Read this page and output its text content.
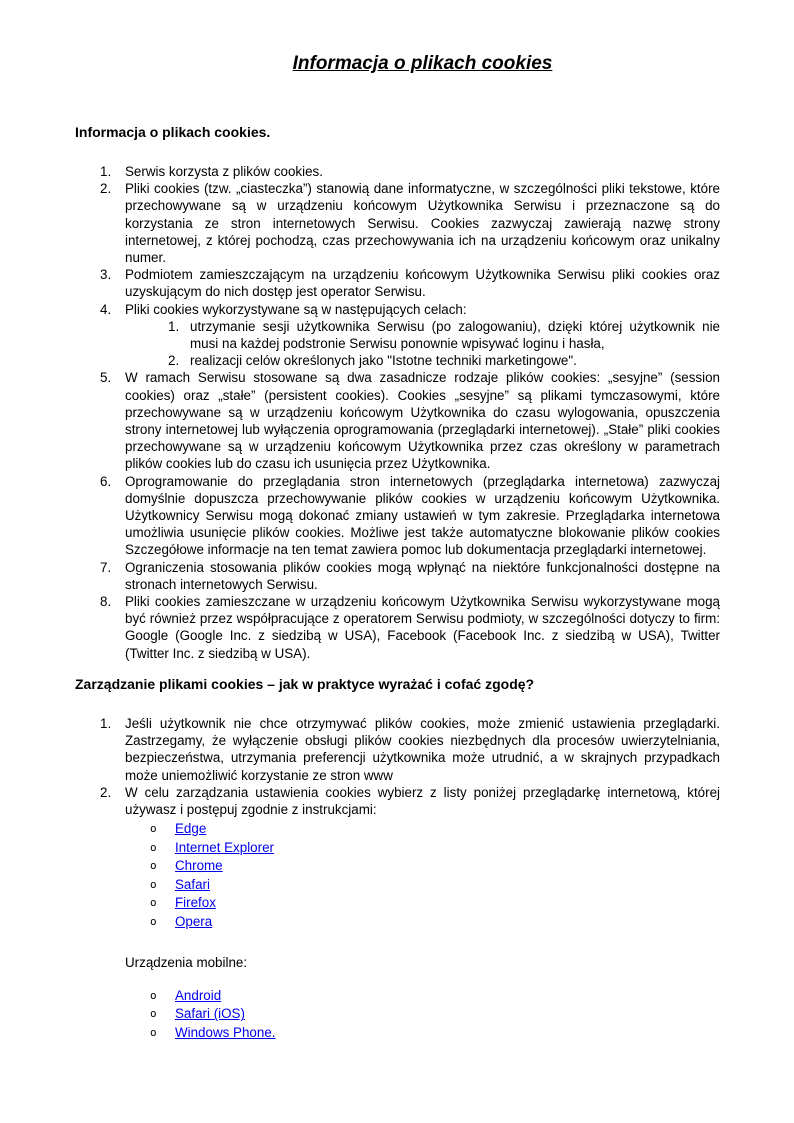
Informacja o plikach cookies
Informacja o plikach cookies.
1.	Serwis korzysta z plików cookies.
2.	Pliki cookies (tzw. „ciasteczka”) stanowią dane informatyczne, w szczególności pliki tekstowe, które przechowywane są w urządzeniu końcowym Użytkownika Serwisu i przeznaczone są do korzystania ze stron internetowych Serwisu. Cookies zazwyczaj zawierają nazwę strony internetowej, z której pochodzą, czas przechowywania ich na urządzeniu końcowym oraz unikalny numer.
3.	Podmiotem zamieszczającym na urządzeniu końcowym Użytkownika Serwisu pliki cookies oraz uzyskującym do nich dostęp jest operator Serwisu.
4.	Pliki cookies wykorzystywane są w następujących celach:
1. utrzymanie sesji użytkownika Serwisu (po zalogowaniu), dzięki której użytkownik nie musi na każdej podstronie Serwisu ponownie wpisywać loginu i hasła,
2. realizacji celów określonych jako "Istotne techniki marketingowe".
5.	W ramach Serwisu stosowane są dwa zasadnicze rodzaje plików cookies: „sesyjne” (session cookies) oraz „stałe” (persistent cookies). Cookies „sesyjne” są plikami tymczasowymi, które przechowywane są w urządzeniu końcowym Użytkownika do czasu wylogowania, opuszczenia strony internetowej lub wyłączenia oprogramowania (przeglądarki internetowej). „Stałe” pliki cookies przechowywane są w urządzeniu końcowym Użytkownika przez czas określony w parametrach plików cookies lub do czasu ich usunięcia przez Użytkownika.
6.	Oprogramowanie do przeglądania stron internetowych (przeglądarka internetowa) zazwyczaj domyślnie dopuszcza przechowywanie plików cookies w urządzeniu końcowym Użytkownika. Użytkownicy Serwisu mogą dokonać zmiany ustawień w tym zakresie. Przeglądarka internetowa umożliwia usunięcie plików cookies. Możliwe jest także automatyczne blokowanie plików cookies Szczegółowe informacje na ten temat zawiera pomoc lub dokumentacja przeglądarki internetowej.
7.	Ograniczenia stosowania plików cookies mogą wpłynąć na niektóre funkcjonalności dostępne na stronach internetowych Serwisu.
8.	Pliki cookies zamieszczane w urządzeniu końcowym Użytkownika Serwisu wykorzystywane mogą być również przez współpracujące z operatorem Serwisu podmioty, w szczególności dotyczy to firm: Google (Google Inc. z siedzibą w USA), Facebook (Facebook Inc. z siedzibą w USA), Twitter (Twitter Inc. z siedzibą w USA).
Zarządzanie plikami cookies – jak w praktyce wyrażać i cofać zgodę?
1.	Jeśli użytkownik nie chce otrzymywać plików cookies, może zmienić ustawienia przeglądarki. Zastrzegamy, że wyłączenie obsługi plików cookies niezbędnych dla procesów uwierzytelniania, bezpieczeństwa, utrzymania preferencji użytkownika może utrudnić, a w skrajnych przypadkach może uniemożliwić korzystanie ze stron www
2.	W celu zarządzania ustawienia cookies wybierz z listy poniżej przeglądarkę internetową, której używasz i postępuj zgodnie z instrukcjami:
o	Edge
o	Internet Explorer
o	Chrome
o	Safari
o	Firefox
o	Opera
Urządzenia mobilne:
o	Android
o	Safari (iOS)
o	Windows Phone.
